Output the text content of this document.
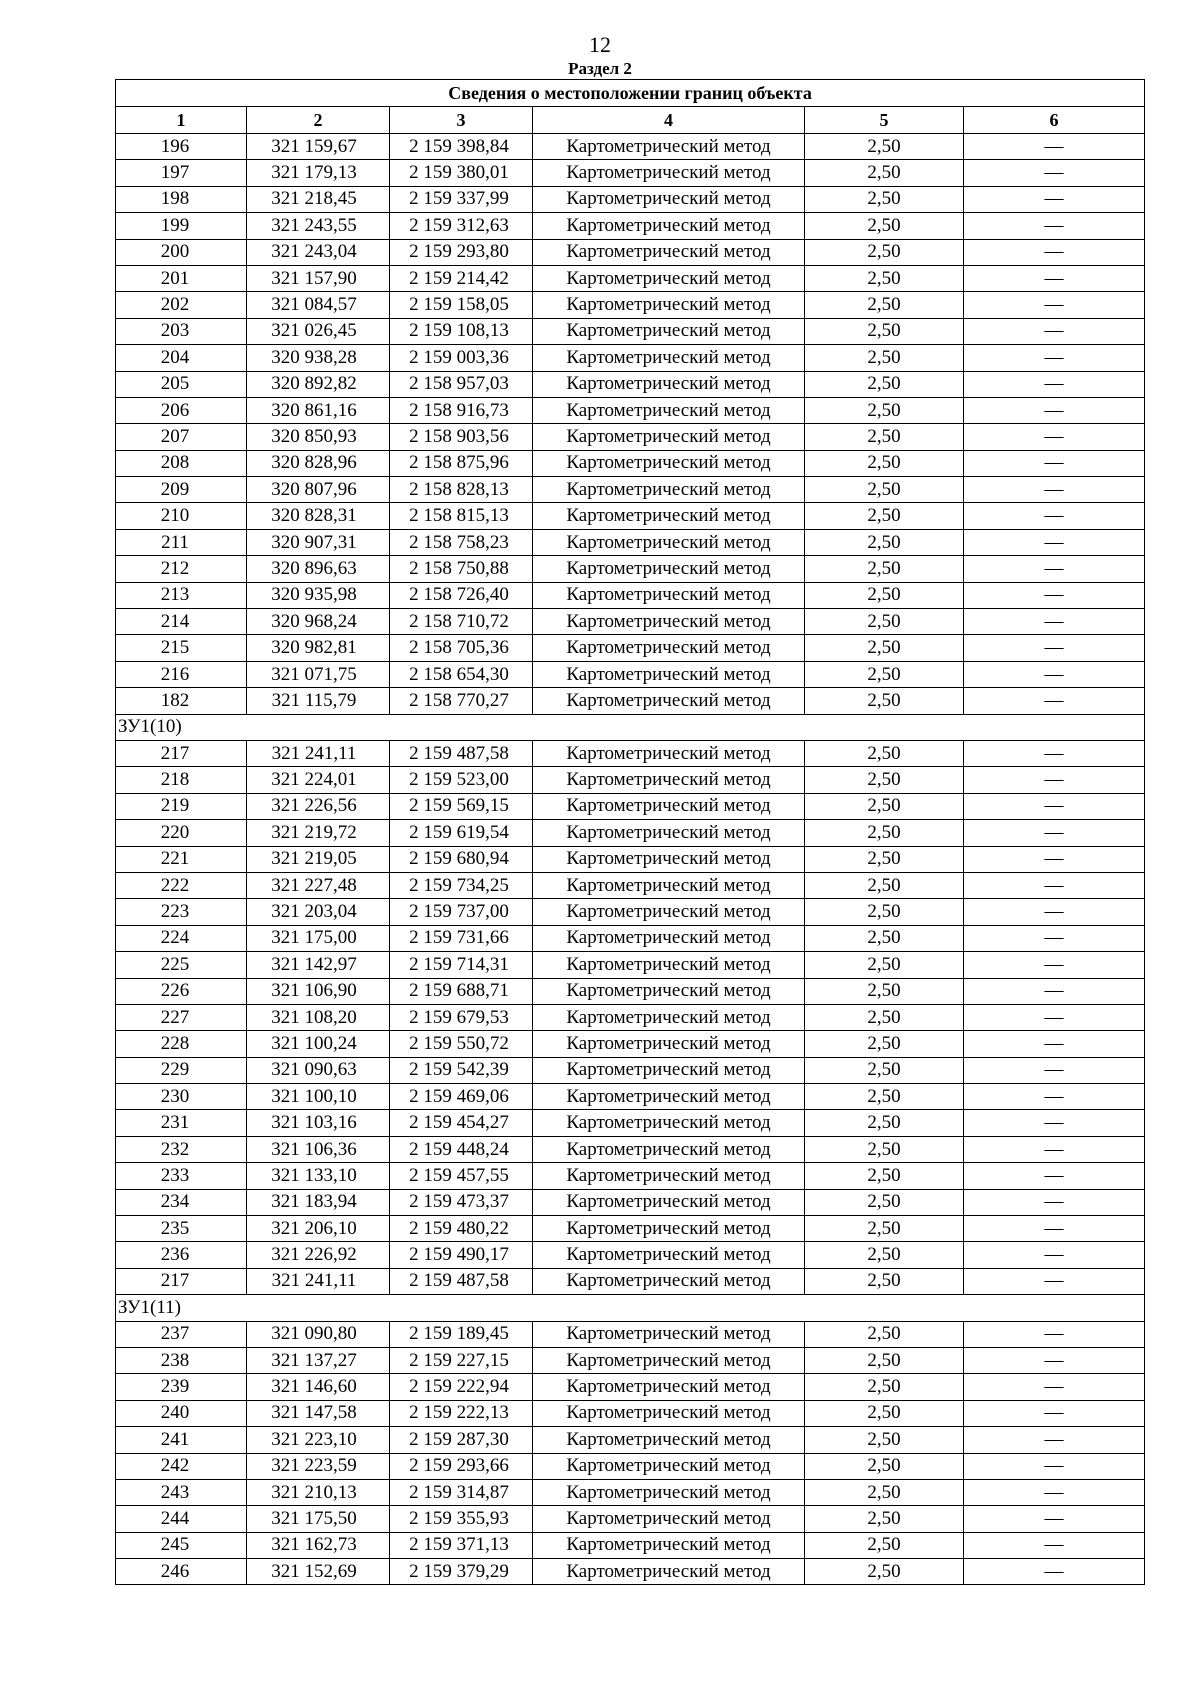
12
Раздел 2
Сведения о местоположении границ объекта					
1	2	3	4	5	6
196	321 159,67	2 159 398,84	Картометрический метод	2,50	—
197	321 179,13	2 159 380,01	Картометрический метод	2,50	—
198	321 218,45	2 159 337,99	Картометрический метод	2,50	—
199	321 243,55	2 159 312,63	Картометрический метод	2,50	—
200	321 243,04	2 159 293,80	Картометрический метод	2,50	—
201	321 157,90	2 159 214,42	Картометрический метод	2,50	—
202	321 084,57	2 159 158,05	Картометрический метод	2,50	—
203	321 026,45	2 159 108,13	Картометрический метод	2,50	—
204	320 938,28	2 159 003,36	Картометрический метод	2,50	—
205	320 892,82	2 158 957,03	Картометрический метод	2,50	—
206	320 861,16	2 158 916,73	Картометрический метод	2,50	—
207	320 850,93	2 158 903,56	Картометрический метод	2,50	—
208	320 828,96	2 158 875,96	Картометрический метод	2,50	—
209	320 807,96	2 158 828,13	Картометрический метод	2,50	—
210	320 828,31	2 158 815,13	Картометрический метод	2,50	—
211	320 907,31	2 158 758,23	Картометрический метод	2,50	—
212	320 896,63	2 158 750,88	Картометрический метод	2,50	—
213	320 935,98	2 158 726,40	Картометрический метод	2,50	—
214	320 968,24	2 158 710,72	Картометрический метод	2,50	—
215	320 982,81	2 158 705,36	Картометрический метод	2,50	—
216	321 071,75	2 158 654,30	Картометрический метод	2,50	—
182	321 115,79	2 158 770,27	Картометрический метод	2,50	—
ЗУ1(10)					
217	321 241,11	2 159 487,58	Картометрический метод	2,50	—
218	321 224,01	2 159 523,00	Картометрический метод	2,50	—
219	321 226,56	2 159 569,15	Картометрический метод	2,50	—
220	321 219,72	2 159 619,54	Картометрический метод	2,50	—
221	321 219,05	2 159 680,94	Картометрический метод	2,50	—
222	321 227,48	2 159 734,25	Картометрический метод	2,50	—
223	321 203,04	2 159 737,00	Картометрический метод	2,50	—
224	321 175,00	2 159 731,66	Картометрический метод	2,50	—
225	321 142,97	2 159 714,31	Картометрический метод	2,50	—
226	321 106,90	2 159 688,71	Картометрический метод	2,50	—
227	321 108,20	2 159 679,53	Картометрический метод	2,50	—
228	321 100,24	2 159 550,72	Картометрический метод	2,50	—
229	321 090,63	2 159 542,39	Картометрический метод	2,50	—
230	321 100,10	2 159 469,06	Картометрический метод	2,50	—
231	321 103,16	2 159 454,27	Картометрический метод	2,50	—
232	321 106,36	2 159 448,24	Картометрический метод	2,50	—
233	321 133,10	2 159 457,55	Картометрический метод	2,50	—
234	321 183,94	2 159 473,37	Картометрический метод	2,50	—
235	321 206,10	2 159 480,22	Картометрический метод	2,50	—
236	321 226,92	2 159 490,17	Картометрический метод	2,50	—
217	321 241,11	2 159 487,58	Картометрический метод	2,50	—
ЗУ1(11)					
237	321 090,80	2 159 189,45	Картометрический метод	2,50	—
238	321 137,27	2 159 227,15	Картометрический метод	2,50	—
239	321 146,60	2 159 222,94	Картометрический метод	2,50	—
240	321 147,58	2 159 222,13	Картометрический метод	2,50	—
241	321 223,10	2 159 287,30	Картометрический метод	2,50	—
242	321 223,59	2 159 293,66	Картометрический метод	2,50	—
243	321 210,13	2 159 314,87	Картометрический метод	2,50	—
244	321 175,50	2 159 355,93	Картометрический метод	2,50	—
245	321 162,73	2 159 371,13	Картометрический метод	2,50	—
246	321 152,69	2 159 379,29	Картометрический метод	2,50	—
